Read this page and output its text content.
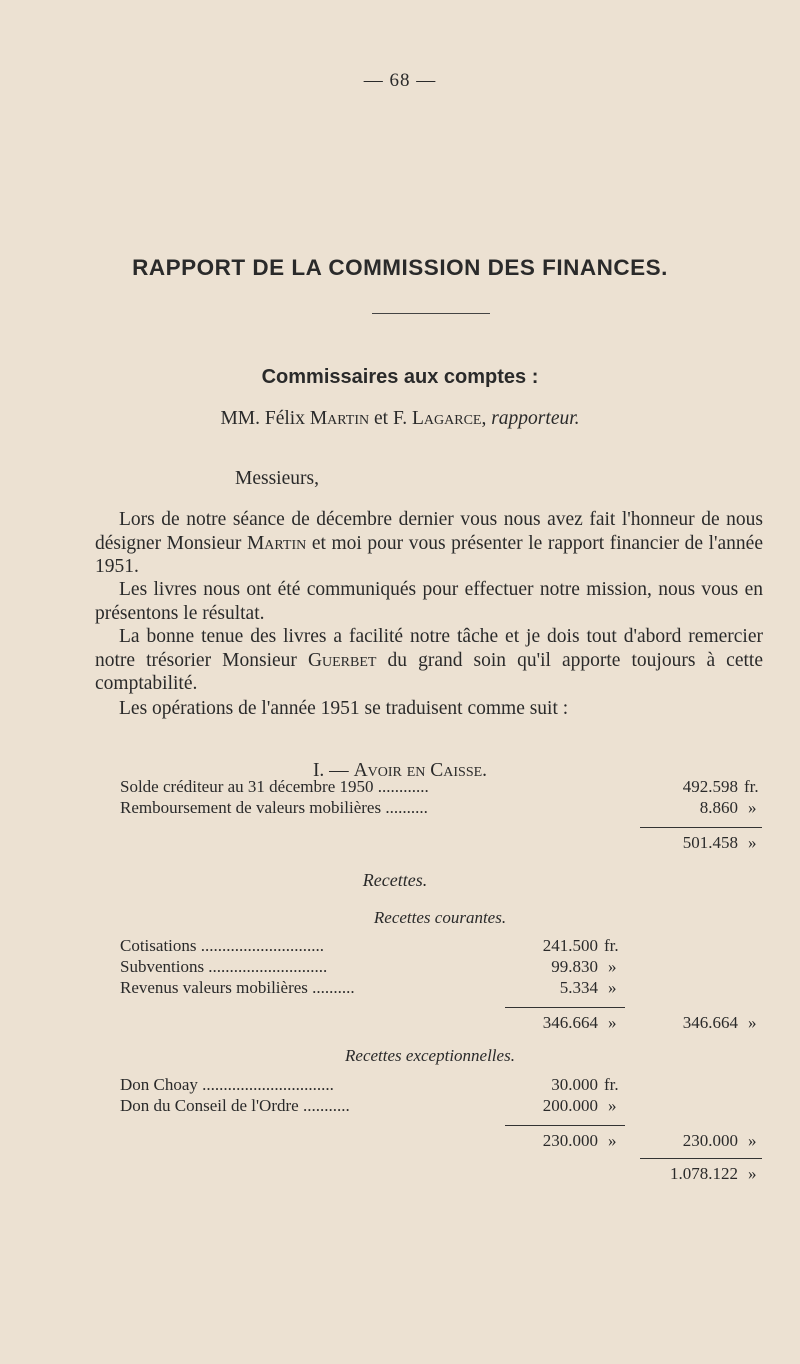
— 68 —
RAPPORT DE LA COMMISSION DES FINANCES.
Commissaires aux comptes :
MM. Félix Martin et F. Lagarce, rapporteur.
Messieurs,
Lors de notre séance de décembre dernier vous nous avez fait l'honneur de nous désigner Monsieur Martin et moi pour vous présenter le rapport financier de l'année 1951.
Les livres nous ont été communiqués pour effectuer notre mission, nous vous en présentons le résultat.
La bonne tenue des livres a facilité notre tâche et je dois tout d'abord remercier notre trésorier Monsieur Guerbet du grand soin qu'il apporte toujours à cette comptabilité.
Les opérations de l'année 1951 se traduisent comme suit :
I. — Avoir en Caisse.
Solde créditeur au 31 décembre 1950 ............	492.598 fr.
Remboursement de valeurs mobilières ..........	8.860 »
501.458 »
Recettes.
Recettes courantes.
Cotisations .............................	241.500 fr.
Subventions ............................	99.830 »
Revenus valeurs mobilières ..........	5.334 »
346.664 »	346.664 »
Recettes exceptionnelles.
Don Choay ...............................	30.000 fr.
Don du Conseil de l'Ordre ...........	200.000 »
230.000 »	230.000 »
1.078.122 »
